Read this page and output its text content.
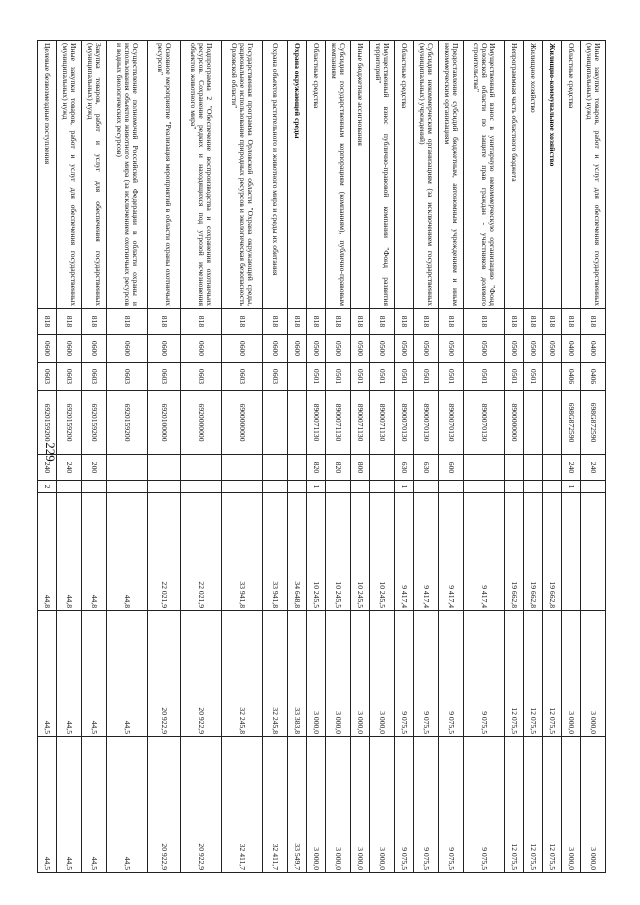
229
Иные закупки товаров, работ и услуг для обеспечения государственных (муниципальных) нужд	818	0400	0406	698G872590	240			3 000,0	3 000,0
Областные средства	818	0400	0406	698G872590	240	1		3 000,0	3 000,0
Жилищно-коммунальное хозяйство	818	0500					19 662,8	12 075,5	12 075,5
Жилищное хозяйство	818	0500	0501				19 662,8	12 075,5	12 075,5
Непрограммная часть областного бюджета	818	0500	0501	8900000000			19 662,8	12 075,5	12 075,5
Имущественный взнос в унитарную некоммерческую организацию "Фонд Орловской области по защите прав граждан - участников долевого строительства"	818	0500	0501	8900070130			9 417,4	9 075,5	9 075,5
Предоставление субсидий бюджетным, автономным учреждениям и иным некоммерческим организациям	818	0500	0501	8900070130	600		9 417,4	9 075,5	9 075,5
Субсидии некоммерческим организациям (за исключением государственных (муниципальных) учреждений)	818	0500	0501	8900070130	630		9 417,4	9 075,5	9 075,5
Областные средства	818	0500	0501	8900070130	630	1	9 417,4	9 075,5	9 075,5
Имущественный взнос публично-правовой компании "Фонд развития территорий"	818	0500	0501	8900071130			10 245,5	3 000,0	3 000,0
Иные бюджетные ассигнования	818	0500	0501	8900071130	800		10 245,5	3 000,0	3 000,0
Субсидии государственным корпорациям (компаниям), публично-правовым компаниям	818	0500	0501	8900071130	820		10 245,5	3 000,0	3 000,0
Областные средства	818	0500	0501	8900071130	820	1	10 245,5	3 000,0	3 000,0
Охрана окружающей среды	818	0600					34 648,8	33 383,8	33 549,7
Охрана объектов растительного и животного мира и среды их обитания	818	0600	0603				33 941,8	32 245,8	32 411,7
Государственная программа Орловской области "Охрана окружающей среды, рациональное использование природных ресурсов и экологическая безопасность Орловской области"	818	0600	0603	6900000000			33 941,8	32 245,8	32 411,7
Подпрограмма 2 "Обеспечение воспроизводства и сохранения охотничьих ресурсов. Сохранение редких и находящихся под угрозой исчезновения объектов животного мира"	818	0600	0603	6920000000			22 021,9	20 922,9	20 922,9
Основное мероприятие "Реализация мероприятий в области охраны охотничьих ресурсов"	818	0600	0603	6920100000			22 021,9	20 922,9	20 922,9
Осуществление полномочий Российской Федерации в области охраны и использования объектов животного мира (за исключением охотничьих ресурсов и водных биологических ресурсов)	818	0600	0603	6920159200			44,8	44,5	44,5
Закупка товаров, работ и услуг для обеспечения государственных (муниципальных) нужд	818	0600	0603	6920159200	200		44,8	44,5	44,5
Иные закупки товаров, работ и услуг для обеспечения государственных (муниципальных) нужд	818	0600	0603	6920159200	240		44,8	44,5	44,5
Целевые безвозмездные поступления	818	0600	0603	6920159200	240	2	44,8	44,5	44,5
